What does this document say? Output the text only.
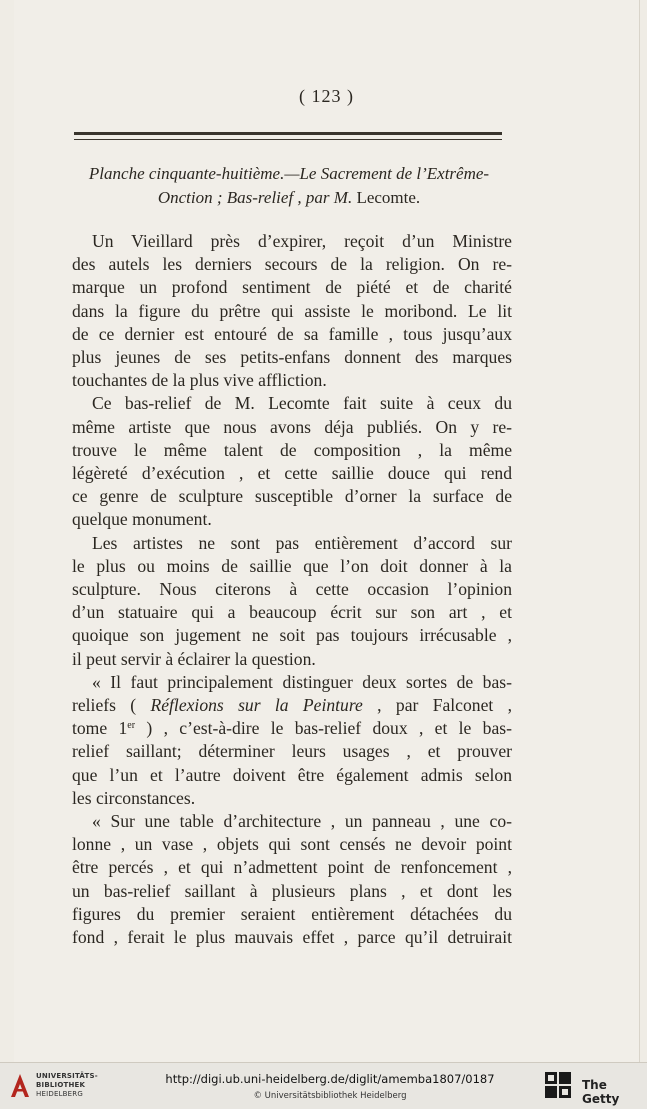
( 123 )
Planche cinquante-huitième.—Le Sacrement de l’Extrême-
Onction ; Bas-relief , par M. Lecomte.

Un Vieillard près d’expirer, reçoit d’un Ministre

des autels les derniers secours de la religion. On re-

marque un profond sentiment de piété et de charité

dans la figure du prêtre qui assiste le moribond. Le lit

de ce dernier est entouré de sa famille , tous jusqu’aux

plus jeunes de ses petits-enfans donnent des marques

touchantes de la plus vive affliction.

Ce bas-relief de M. Lecomte fait suite à ceux du

même artiste que nous avons déja publiés. On y re-

trouve le même talent de composition , la même

légèreté d’exécution , et cette saillie douce qui rend

ce genre de sculpture susceptible d’orner la surface de

quelque monument.

Les artistes ne sont pas entièrement d’accord sur

le plus ou moins de saillie que l’on doit donner à la

sculpture. Nous citerons à cette occasion l’opinion

d’un statuaire qui a beaucoup écrit sur son art , et

quoique son jugement ne soit pas toujours irrécusable ,

il peut servir à éclairer la question.

« Il faut principalement distinguer deux sortes de bas-

reliefs ( Réflexions sur la Peinture , par Falconet ,

tome 1er ) , c’est-à-dire le bas-relief doux , et le bas-

relief saillant; déterminer leurs usages , et prouver

que l’un et l’autre doivent être également admis selon

les circonstances.

« Sur une table d’architecture , un panneau , une co-

lonne , un vase , objets qui sont censés ne devoir point

être percés , et qui n’admettent point de renfoncement ,

un bas-relief saillant à plusieurs plans , et dont les

figures du premier seraient entièrement détachées du

fond , ferait le plus mauvais effet , parce qu’il detruirait

UNIVERSITÄTS-
BIBLIOTHEK
HEIDELBERG
http://digi.ub.uni-heidelberg.de/diglit/amemba1807/0187
© Universitätsbibliothek Heidelberg
The Getty
